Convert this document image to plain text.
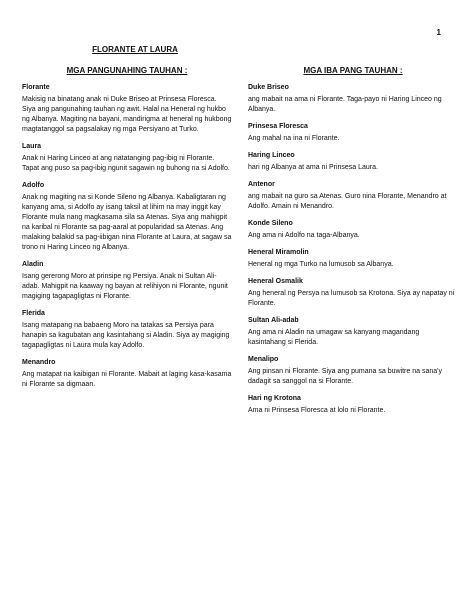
1
FLORANTE AT LAURA
MGA PANGUNAHING TAUHAN :

Florante

Makisig na binatang anak ni Duke Briseo at Prinsesa Floresca. Siya ang pangunahing tauhan ng awit. Halal na Heneral ng hukbo ng Albanya. Magiting na bayani, mandirigma at heneral ng hukbong magtatanggol sa pagsalakay ng mga Persiyano at Turko.

Laura

Anak ni Haring Linceo at ang natatanging pag-ibig ni Florante. Tapat ang puso sa pag-ibig ngunit sagawin ng buhong na si Adolfo.

Adolfo

Anak ng magiting na si Konde Sileno ng Albanya. Kabaligtaran ng kanyang ama, si Adolfo ay isang taksil at lihim na may inggit kay Florante mula nang magkasama sila sa Atenas. Siya ang mahigpit na karibal ni Florante sa pag-aaral at popularidad sa Atenas. Ang malaking balakid sa pag-iibigan nina Florante at Laura, at sagaw sa trono ni Haring Linceo ng Albanya.

Aladin

Isang gererong Moro at prinsipe ng Persiya. Anak ni Sultan Ali-adab. Mahigpit na kaaway ng bayan at relihiyon ni Florante, ngunit magiging tagapagligtas ni Florante.

Flerida

Isang matapang na babaeng Moro na tatakas sa Persiya para hanapin sa kagubatan ang kasintahang si Aladin. Siya ay magiging tagapagligtas ni Laura mula kay Adolfo.

Menandro

Ang matapat na kaibigan ni Florante. Mabait at laging kasa-kasama ni Florante sa digmaan.

MGA IBA PANG TAUHAN :

Duke Briseo

ang mabait na ama ni Florante. Taga-payo ni Haring Linceo ng Albanya.

Prinsesa Floresca

Ang mahal na ina ni Florante.

Haring Linceo

hari ng Albanya at ama ni Prinsesa Laura.

Antenor

ang mabait na guro sa Atenas. Guro nina Florante, Menandro at Adolfo. Amain ni Menandro.

Konde Sileno

Ang ama ni Adolfo na taga-Albanya.

Heneral Miramolin

Heneral ng mga Turko na lumusob sa Albanya.

Heneral Osmalik

Ang heneral ng Persya na lumusob sa Krotona. Siya ay napatay ni Florante.

Sultan Ali-adab

Ang ama ni Aladin na umagaw sa kanyang magandang kasintahang si Flerida.

Menalipo

Ang pinsan ni Florante. Siya ang pumana sa buwitre na sana'y dadagit sa sanggol na si Florante.

Hari ng Krotona

Ama ni Prinsesa Floresca at lolo ni Florante.
